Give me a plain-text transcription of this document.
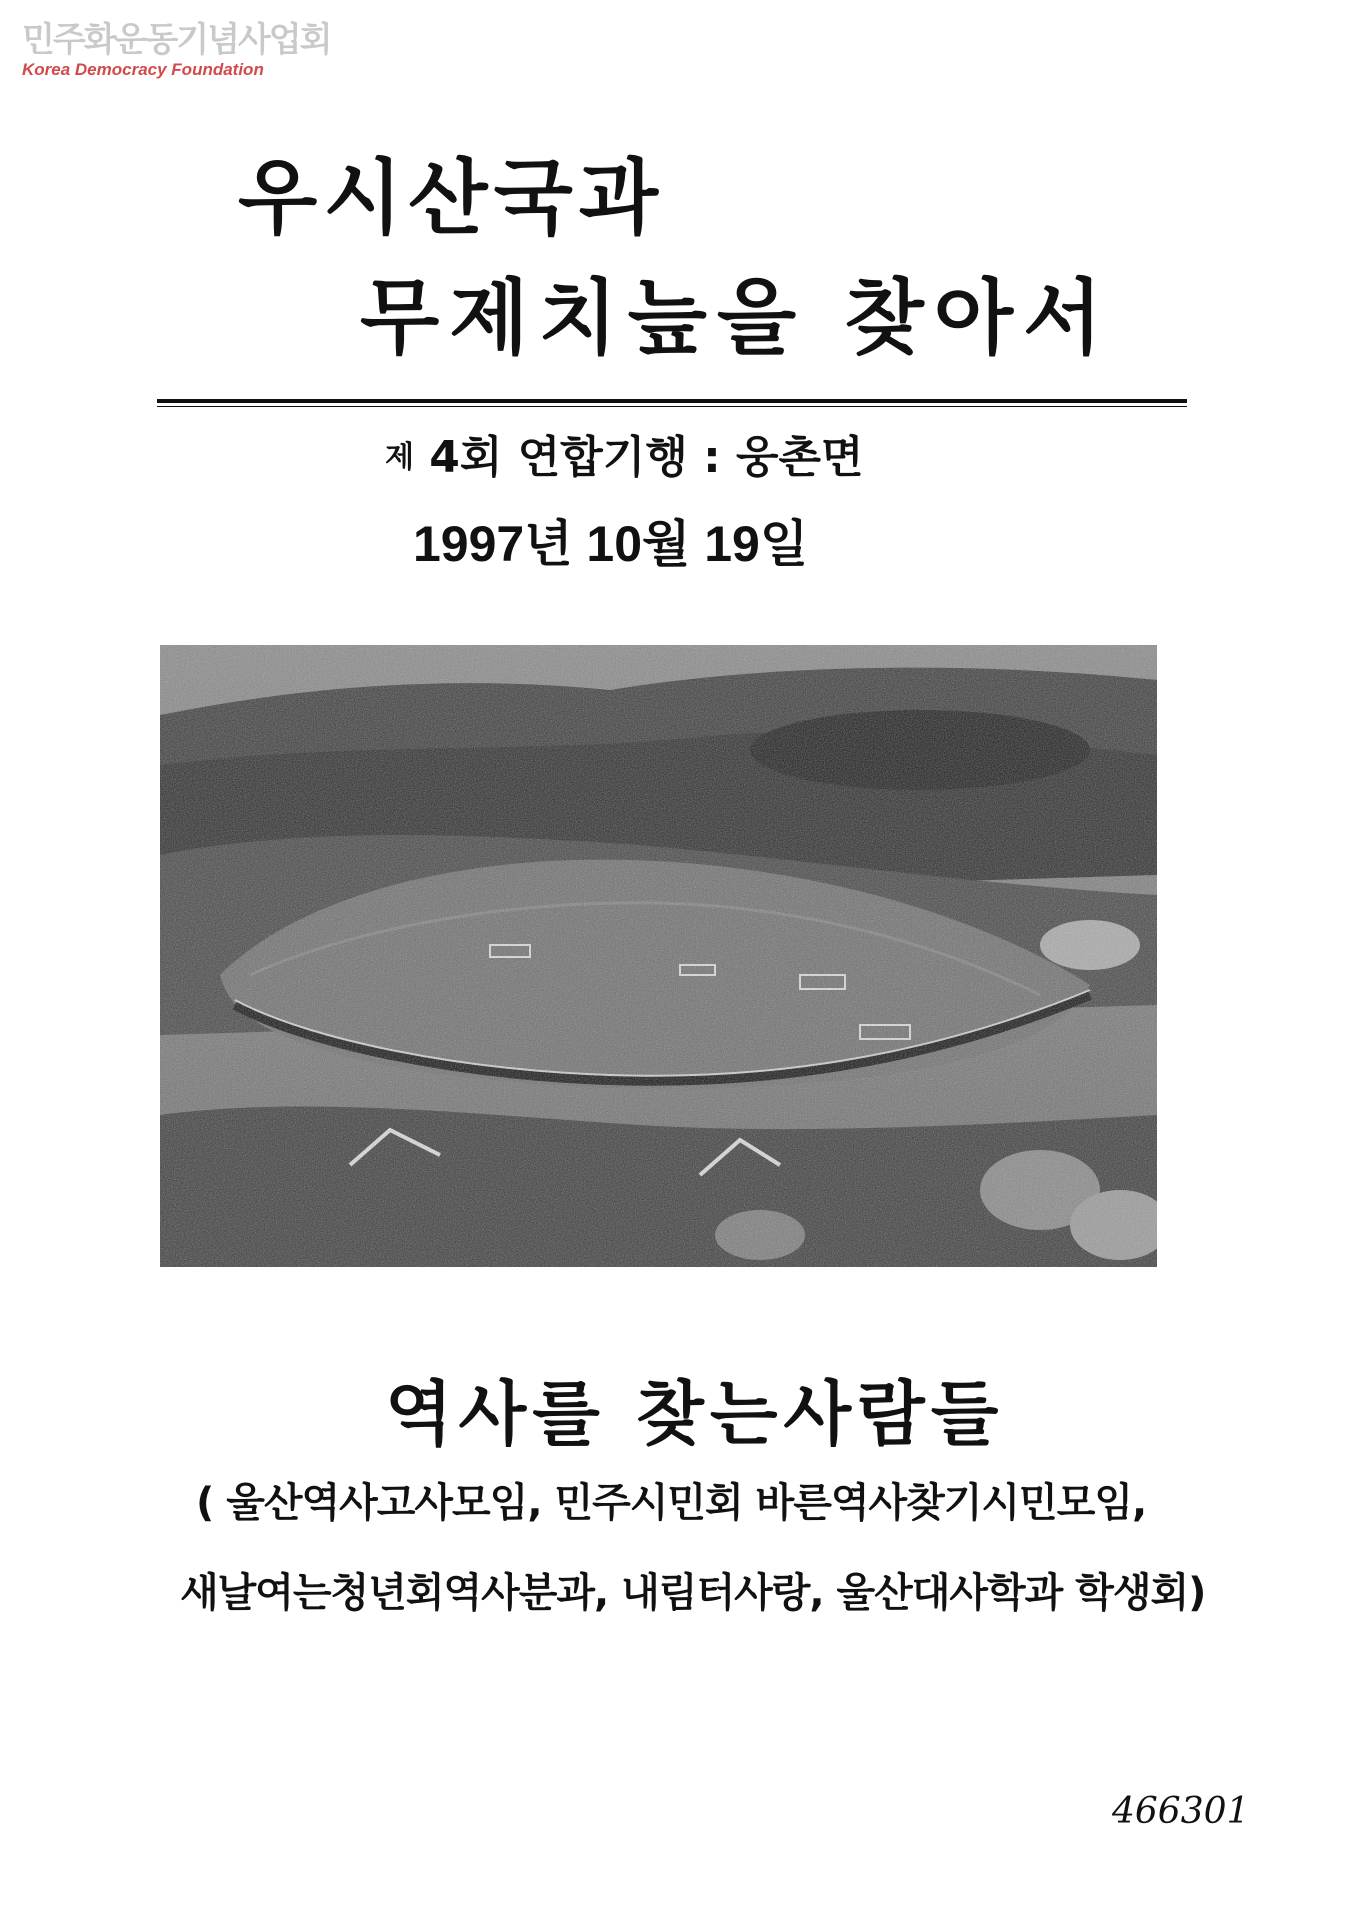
민주화운동기념사업회
Korea Democracy Foundation
우시산국과
무제치늪을 찾아서
$^제$ 4회 연합기행 : 웅촌면
1997년 10월 19일
역사를 찾는사람들
( 울산역사고사모임, 민주시민회 바른역사찾기시민모임,
새날여는청년회역사분과, 내림터사랑, 울산대사학과 학생회)
466301
